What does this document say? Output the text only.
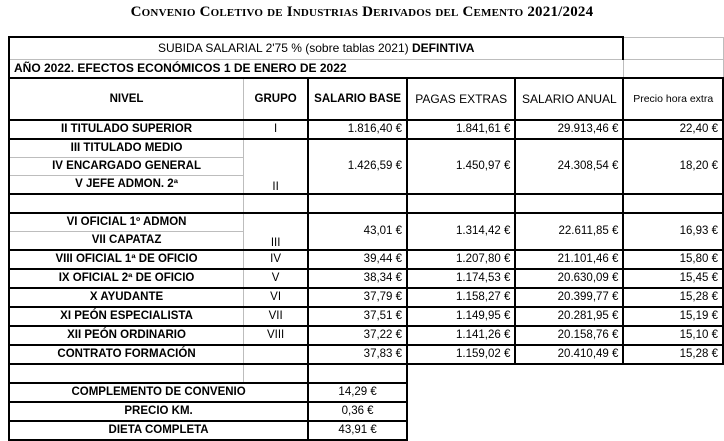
Convenio Coletivo de Industrias Derivados del Cemento 2021/2024
SUBIDA SALARIAL 2'75 % (sobre tablas 2021) DEFINTIVA					
AÑO 2022. EFECTOS ECONÓMICOS 1 DE ENERO DE 2022					
NIVEL	GRUPO	SALARIO BASE	PAGAS EXTRAS	SALARIO ANUAL	Precio hora extra
II TITULADO SUPERIOR	I	1.816,40 €	1.841,61 €	29.913,46 €	22,40 €
III TITULADO MEDIO	II	1.426,59 €	1.450,97 €	24.308,54 €	18,20 €
IV ENCARGADO GENERAL					
V JEFE ADMON. 2ª					

VI OFICIAL 1º ADMON	III	43,01 €	1.314,42 €	22.611,85 €	16,93 €
VII CAPATAZ					
VIII OFICIAL 1ª DE OFICIO	IV	39,44 €	1.207,80 €	21.101,46 €	15,80 €
IX OFICIAL 2ª DE OFICIO	V	38,34 €	1.174,53 €	20.630,09 €	15,45 €
X AYUDANTE	VI	37,79 €	1.158,27 €	20.399,77 €	15,28 €
XI PEÓN ESPECIALISTA	VII	37,51 €	1.149,95 €	20.281,95 €	15,19 €
XII PEÓN ORDINARIO	VIII	37,22 €	1.141,26 €	20.158,76 €	15,10 €
CONTRATO FORMACIÓN		37,83 €	1.159,02 €	20.410,49 €	15,28 €

COMPLEMENTO DE CONVENIO		14,29 €			
PRECIO KM.		0,36 €			
DIETA COMPLETA		43,91 €			
